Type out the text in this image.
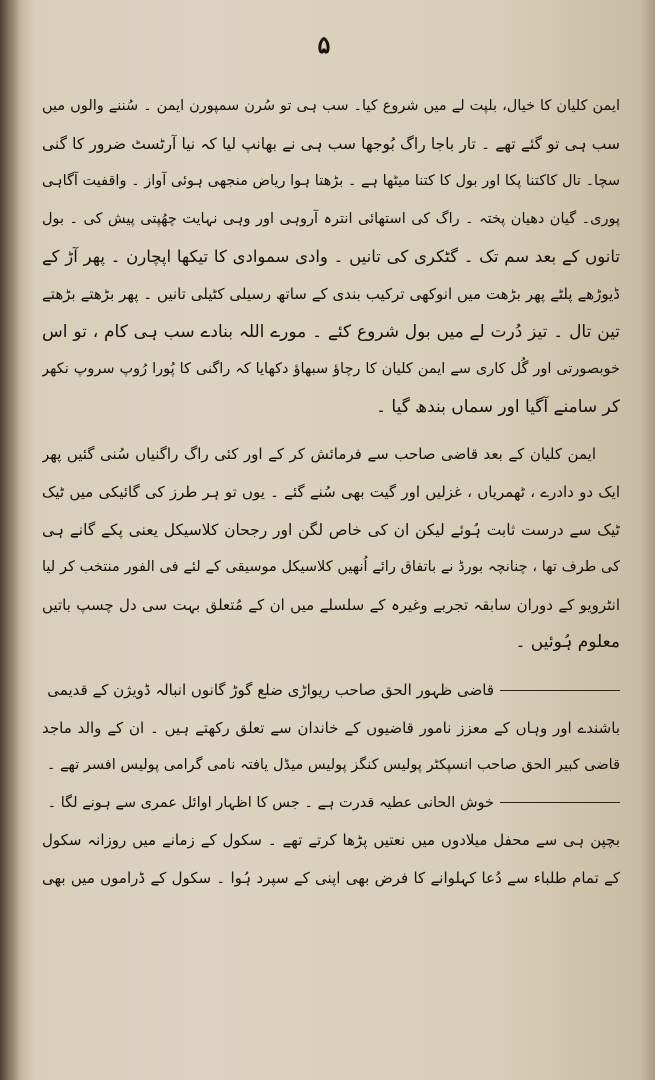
۵
ایمن کلیان کا خیال، بلپت لے میں شروع کیا۔ سب ہی تو سُرن سمپورن ایمن ۔ سُننے والوں میں
سب ہی تو گئے تھے ۔ تار باجا راگ بُوجھا سب ہی نے بھانپ لیا کہ نیا آرٹسٹ ضرور کا گنی
سچا۔ تال کاکتنا پکا اور بول کا کتنا میٹھا ہے ۔ بڑھتا ہوا ریاض منجھی ہوئی آواز ۔ واقفیت آگاہی
پوری۔ گیان دھیان پختہ ۔ راگ کی استھائی انترہ آروہی اور وہی نہایت چھُپتی پیش کی ۔ بول
تانوں کے بعد سم تک ۔ گٹکری کی تانیں ۔ وادی سموادی کا تیکھا اپچارن ۔ پھر آڑ کے
ڈیوڑھے پلٹے پھر بڑھت میں انوکھی ترکیب بندی کے ساتھ رسیلی کٹیلی تانیں ۔ پھر بڑھتے بڑھتے
تین تال ۔ تیز دُرت لے میں بول شروع کئے ۔ مورے اللہ بنادے سب ہی کام ، تو اس
خوبصورتی اور گُل کاری سے ایمن کلیان کا رچاؤ سبھاؤ دکھایا کہ راگنی کا پُورا رُوپ سروپ نکھر
کر سامنے آگیا اور سماں بندھ گیا ۔
ایمن کلیان کے بعد قاضی صاحب سے فرمائش کر کے اور کئی راگ راگنیاں سُنی گئیں پھر
ایک دو دادرے ، ٹھمریاں ، غزلیں اور گیت بھی سُنے گئے ۔ یوں تو ہر طرز کی گائیکی میں ٹیک
ٹیک سے درست ثابت ہُوئے لیکن ان کی خاص لگن اور رجحان کلاسیکل یعنی پکے گانے ہی
کی طرف تھا ، چنانچہ بورڈ نے باتفاق رائے اُنھیں کلاسیکل موسیقی کے لئے فی الفور منتخب کر لیا
انٹرویو کے دوران سابقہ تجربے وغیرہ کے سلسلے میں ان کے مُتعلق بہت سی دل چسپ باتیں
معلوم ہُوئیں ۔
قاضی ظہور الحق صاحب ریواڑی ضلع گوڑ گانوں انبالہ ڈویژن کے قدیمی
باشندے اور وہاں کے معزز نامور قاضیوں کے خاندان سے تعلق رکھتے ہیں ۔ ان کے والد ماجد
قاضی کبیر الحق صاحب انسپکٹر پولیس کنگز پولیس میڈل یافتہ نامی گرامی پولیس افسر تھے ۔
خوش الحانی عطیہ قدرت ہے ۔ جس کا اظہار اوائل عمری سے ہونے لگا ۔
بچپن ہی سے محفل میلادوں میں نعتیں پڑھا کرتے تھے ۔ سکول کے زمانے میں روزانہ سکول
کے تمام طلباء سے دُعا کہلوانے کا فرض بھی اپنی کے سپرد ہُوا ۔ سکول کے ڈراموں میں بھی
